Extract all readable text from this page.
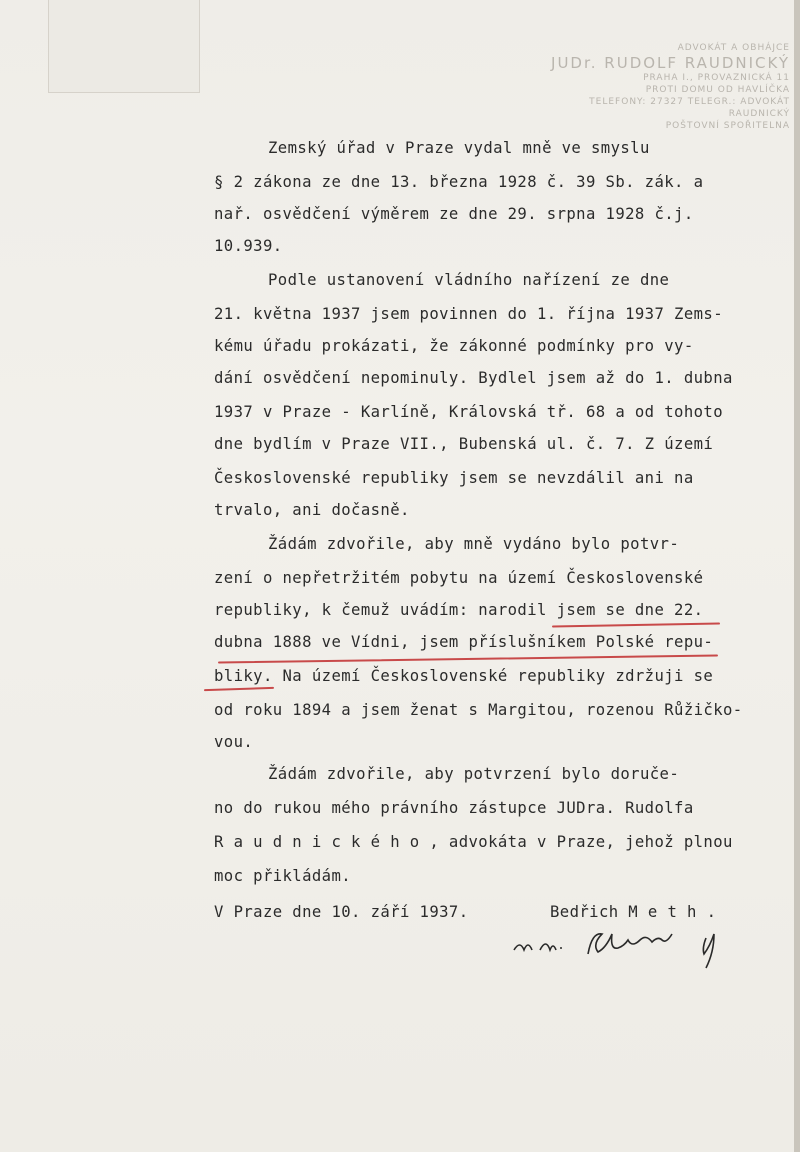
ADVOKÁT A OBHÁJCE
JUDr. RUDOLF RAUDNICKÝ
PRAHA I., PROVAZNICKÁ 11
PROTI DOMU OD HAVLÍČKA
TELEFONY: 27327 TELEGR.: ADVOKÁT RAUDNICKÝ
POŠTOVNÍ SPOŘITELNA
Zemský úřad v Praze vydal mně ve smyslu
§ 2 zákona ze dne 13. března 1928 č. 39 Sb. zák. a
nař. osvědčení výměrem ze dne 29. srpna 1928 č.j.
10.939.
Podle ustanovení vládního nařízení ze dne
21. května 1937 jsem povinnen do 1. října 1937 Zems-
kému úřadu prokázati, že zákonné podmínky pro vy-
dání osvědčení nepominuly. Bydlel jsem až do 1. dubna
1937 v Praze - Karlíně, Královská tř. 68 a od tohoto
dne bydlím v Praze VII., Bubenská ul. č. 7. Z území
Československé republiky jsem se nevzdálil ani na
trvalo, ani dočasně.
Žádám zdvořile, aby mně vydáno bylo potvr-
zení o nepřetržitém pobytu na území Československé
republiky, k čemuž uvádím: narodil jsem se dne 22.
dubna 1888 ve Vídni, jsem příslušníkem Polské repu-
bliky. Na území Československé republiky zdržuji se
od roku 1894 a jsem ženat s Margitou, rozenou Růžičko-
vou.
Žádám zdvořile, aby potvrzení bylo doruče-
no do rukou mého právního zástupce JUDra. Rudolfa
R a u d n i c k é h o , advokáta v Praze, jehož plnou
moc přikládám.
V Praze dne 10. září 1937.	Bedřich M e t h .
